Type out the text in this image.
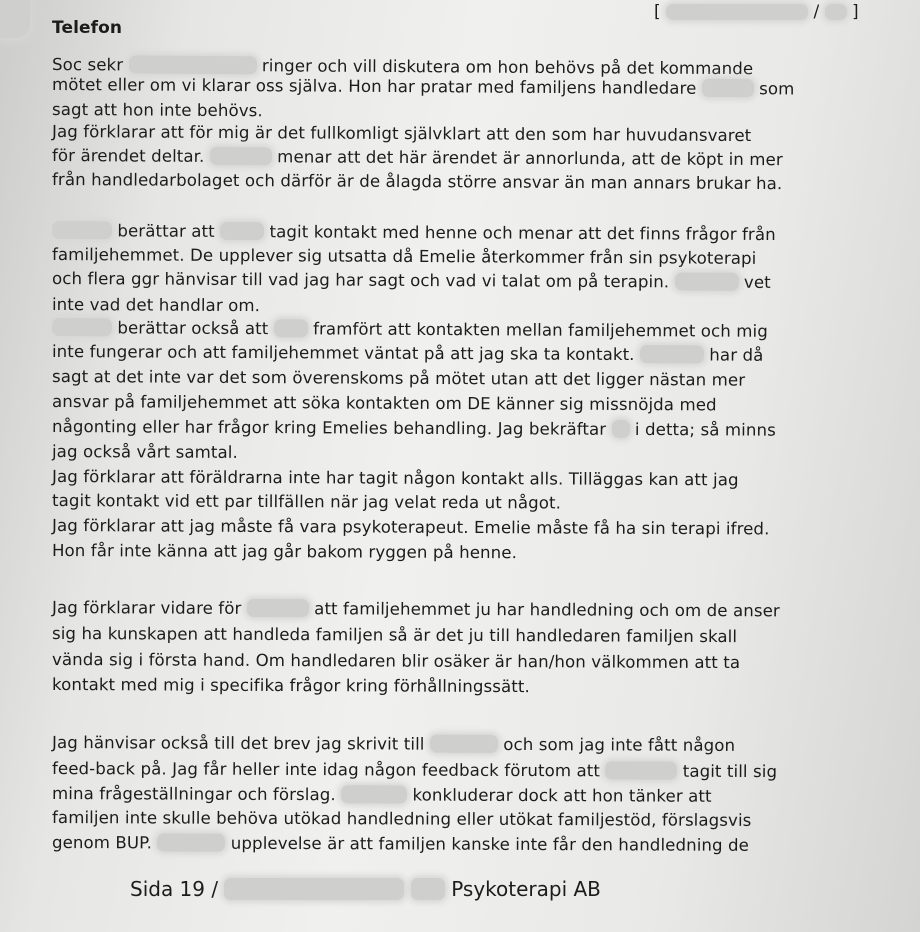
[	/ ]

Telefon

Soc sekr	ringer och vill diskutera om hon behövs på det kommande

mötet eller om vi klarar oss själva. Hon har pratar med familjens handledare	som

sagt att hon inte behövs.

Jag förklarar att för mig är det fullkomligt självklart att den som har huvudansvaret

för ärendet deltar.	menar att det här ärendet är annorlunda, att de köpt in mer

från handledarbolaget och därför är de ålagda större ansvar än man annars brukar ha.

berättar att	tagit kontakt med henne och menar att det finns frågor från

familjehemmet. De upplever sig utsatta då Emelie återkommer från sin psykoterapi

och flera ggr hänvisar till vad jag har sagt och vad vi talat om på terapin.	vet

inte vad det handlar om.

berättar också att  framfört att kontakten mellan familjehemmet och mig

inte fungerar och att familjehemmet väntat på att jag ska ta kontakt.	har då

sagt at det inte var det som överenskoms på mötet utan att det ligger nästan mer

ansvar på familjehemmet att söka kontakten om DE känner sig missnöjda med

någonting eller har frågor kring Emelies behandling. Jag bekräftar  i detta; så minns

jag också vårt samtal.

Jag förklarar att föräldrarna inte har tagit någon kontakt alls. Tilläggas kan att jag

tagit kontakt vid ett par tillfällen när jag velat reda ut något.

Jag förklarar att jag måste få vara psykoterapeut. Emelie måste få ha sin terapi ifred.

Hon får inte känna att jag går bakom ryggen på henne.

Jag förklarar vidare för	att familjehemmet ju har handledning och om de anser

sig ha kunskapen att handleda familjen så är det ju till handledaren familjen skall

vända sig i första hand. Om handledaren blir osäker är han/hon välkommen att ta

kontakt med mig i specifika frågor kring förhållningssätt.

Jag hänvisar också till det brev jag skrivit till	och som jag inte fått någon

feed-back på. Jag får heller inte idag någon feedback förutom att	tagit till sig

mina frågeställningar och förslag.	konkluderar dock att hon tänker att

familjen inte skulle behöva utökad handledning eller utökat familjestöd, förslagsvis

genom BUP.	upplevelse är att familjen kanske inte får den handledning de

Sida 19 /	Psykoterapi AB
